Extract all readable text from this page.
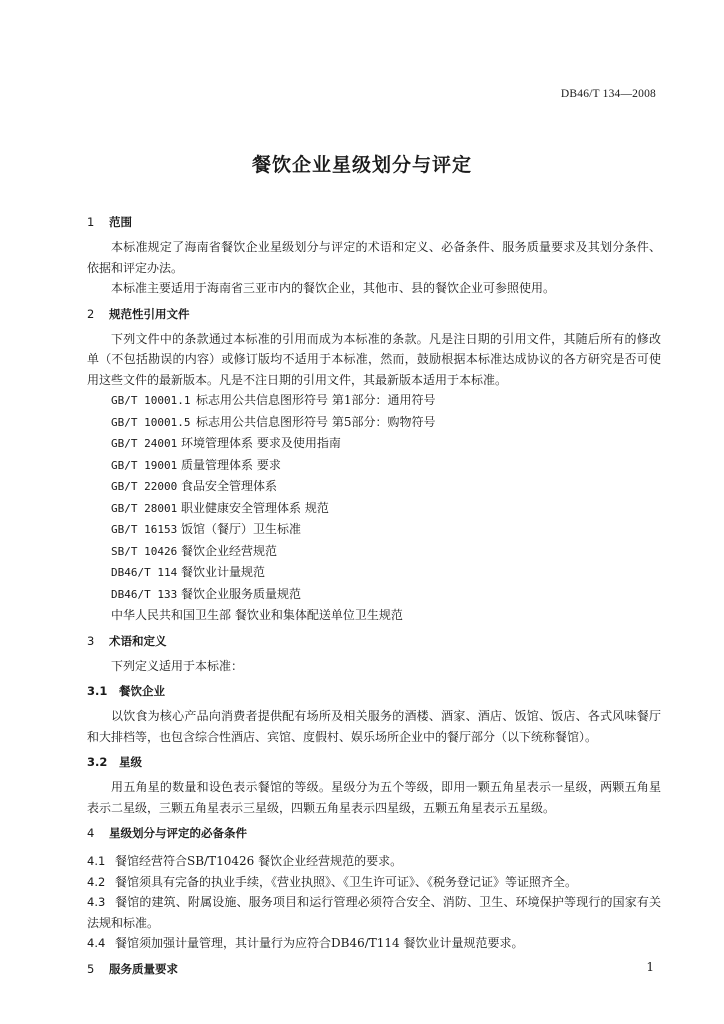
DB46/T 134—2008
餐饮企业星级划分与评定
1 范围

本标准规定了海南省餐饮企业星级划分与评定的术语和定义、必备条件、服务质量要求及其划分条件、依据和评定办法。

本标准主要适用于海南省三亚市内的餐饮企业，其他市、县的餐饮企业可参照使用。

2 规范性引用文件

下列文件中的条款通过本标准的引用而成为本标准的条款。凡是注日期的引用文件，其随后所有的修改单（不包括勘误的内容）或修订版均不适用于本标准，然而，鼓励根据本标准达成协议的各方研究是否可使用这些文件的最新版本。凡是不注日期的引用文件，其最新版本适用于本标准。

GB/T 10001.1 标志用公共信息图形符号 第1部分：通用符号

GB/T 10001.5 标志用公共信息图形符号 第5部分：购物符号

GB/T 24001 环境管理体系 要求及使用指南

GB/T 19001 质量管理体系 要求

GB/T 22000 食品安全管理体系

GB/T 28001 职业健康安全管理体系 规范

GB/T 16153 饭馆（餐厅）卫生标准

SB/T 10426 餐饮企业经营规范

DB46/T 114 餐饮业计量规范

DB46/T 133 餐饮企业服务质量规范

中华人民共和国卫生部 餐饮业和集体配送单位卫生规范

3 术语和定义

下列定义适用于本标准：

3.1 餐饮企业

以饮食为核心产品向消费者提供配有场所及相关服务的酒楼、酒家、酒店、饭馆、饭店、各式风味餐厅和大排档等，也包含综合性酒店、宾馆、度假村、娱乐场所企业中的餐厅部分（以下统称餐馆）。

3.2 星级

用五角星的数量和设色表示餐馆的等级。星级分为五个等级，即用一颗五角星表示一星级，两颗五角星表示二星级，三颗五角星表示三星级，四颗五角星表示四星级，五颗五角星表示五星级。

4 星级划分与评定的必备条件

4.1 餐馆经营符合SB/T10426 餐饮企业经营规范的要求。

4.2 餐馆须具有完备的执业手续，《营业执照》、《卫生许可证》、《税务登记证》等证照齐全。

4.3 餐馆的建筑、附属设施、服务项目和运行管理必须符合安全、消防、卫生、环境保护等现行的国家有关法规和标准。

4.4 餐馆须加强计量管理，其计量行为应符合DB46/T114 餐饮业计量规范要求。

5 服务质量要求	1
